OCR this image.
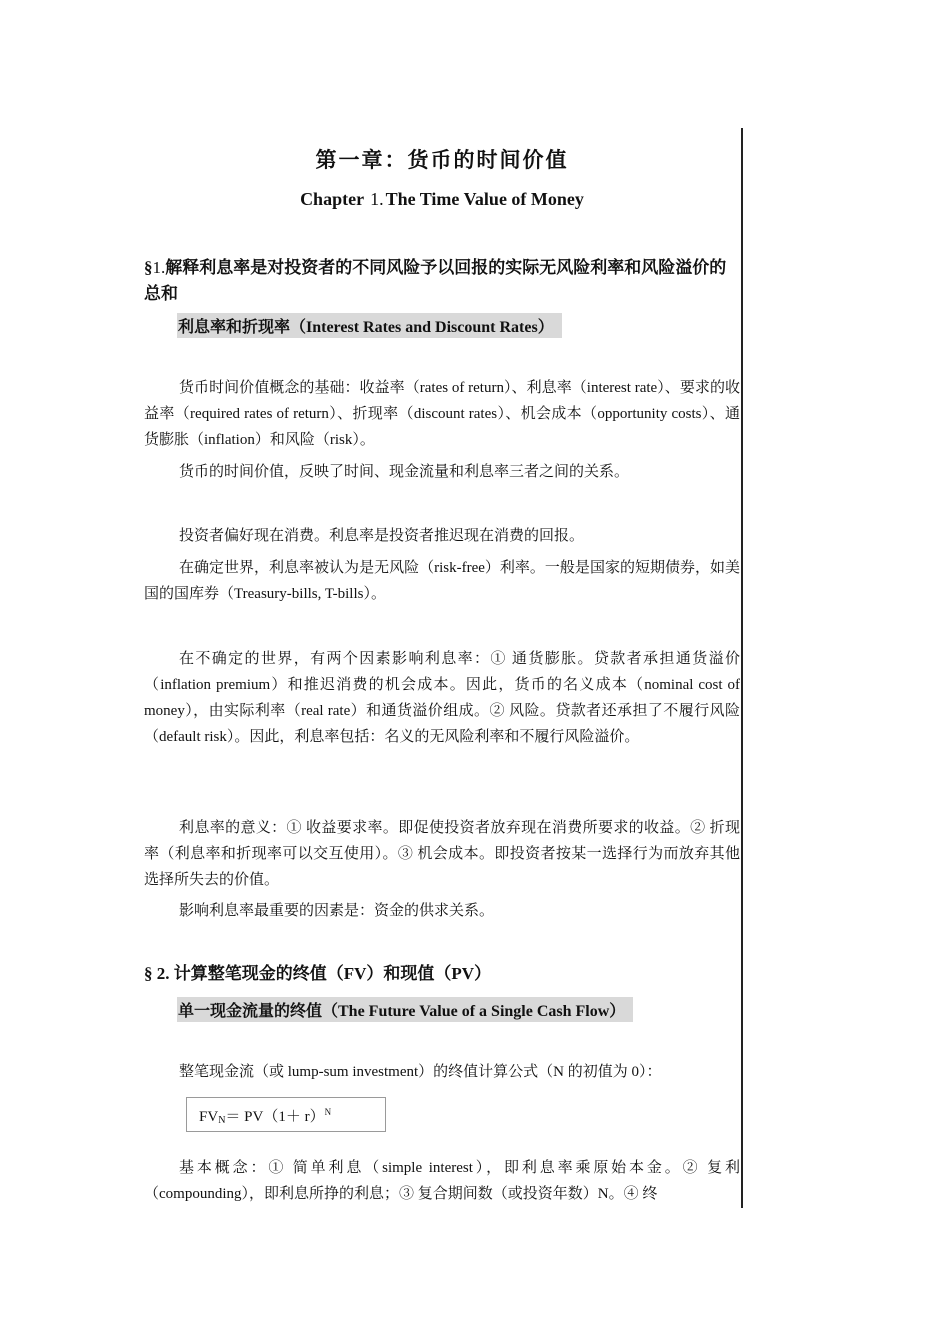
第一章：货币的时间价值
Chapter 1. The Time Value of Money
§1.解释利息率是对投资者的不同风险予以回报的实际无风险利率和风险溢价的总和
利息率和折现率（Interest Rates and Discount Rates）
货币时间价值概念的基础：收益率（rates of return）、利息率（interest rate）、要求的收益率（required rates of return）、折现率（discount rates）、机会成本（opportunity costs）、通货膨胀（inflation）和风险（risk）。
货币的时间价值，反映了时间、现金流量和利息率三者之间的关系。
投资者偏好现在消费。利息率是投资者推迟现在消费的回报。
在确定世界，利息率被认为是无风险（risk-free）利率。一般是国家的短期债券，如美国的国库券（Treasury-bills, T-bills）。
在不确定的世界，有两个因素影响利息率：① 通货膨胀。贷款者承担通货溢价（inflation premium）和推迟消费的机会成本。因此，货币的名义成本（nominal cost of money），由实际利率（real rate）和通货溢价组成。② 风险。贷款者还承担了不履行风险（default risk）。因此，利息率包括：名义的无风险利率和不履行风险溢价。
利息率的意义：① 收益要求率。即促使投资者放弃现在消费所要求的收益。② 折现率（利息率和折现率可以交互使用）。③ 机会成本。即投资者按某一选择行为而放弃其他选择所失去的价值。
影响利息率最重要的因素是：资金的供求关系。
§ 2. 计算整笔现金的终值（FV）和现值（PV）
单一现金流量的终值（The Future Value of a Single Cash Flow）
整笔现金流（或 lump-sum investment）的终值计算公式（N 的初值为 0）：
$FV_N= PV(1+ r)^N$
基本概念：① 简单利息（simple interest），即利息率乘原始本金。② 复利（compounding），即利息所挣的利息；③ 复合期间数（或投资年数）N。④ 终
